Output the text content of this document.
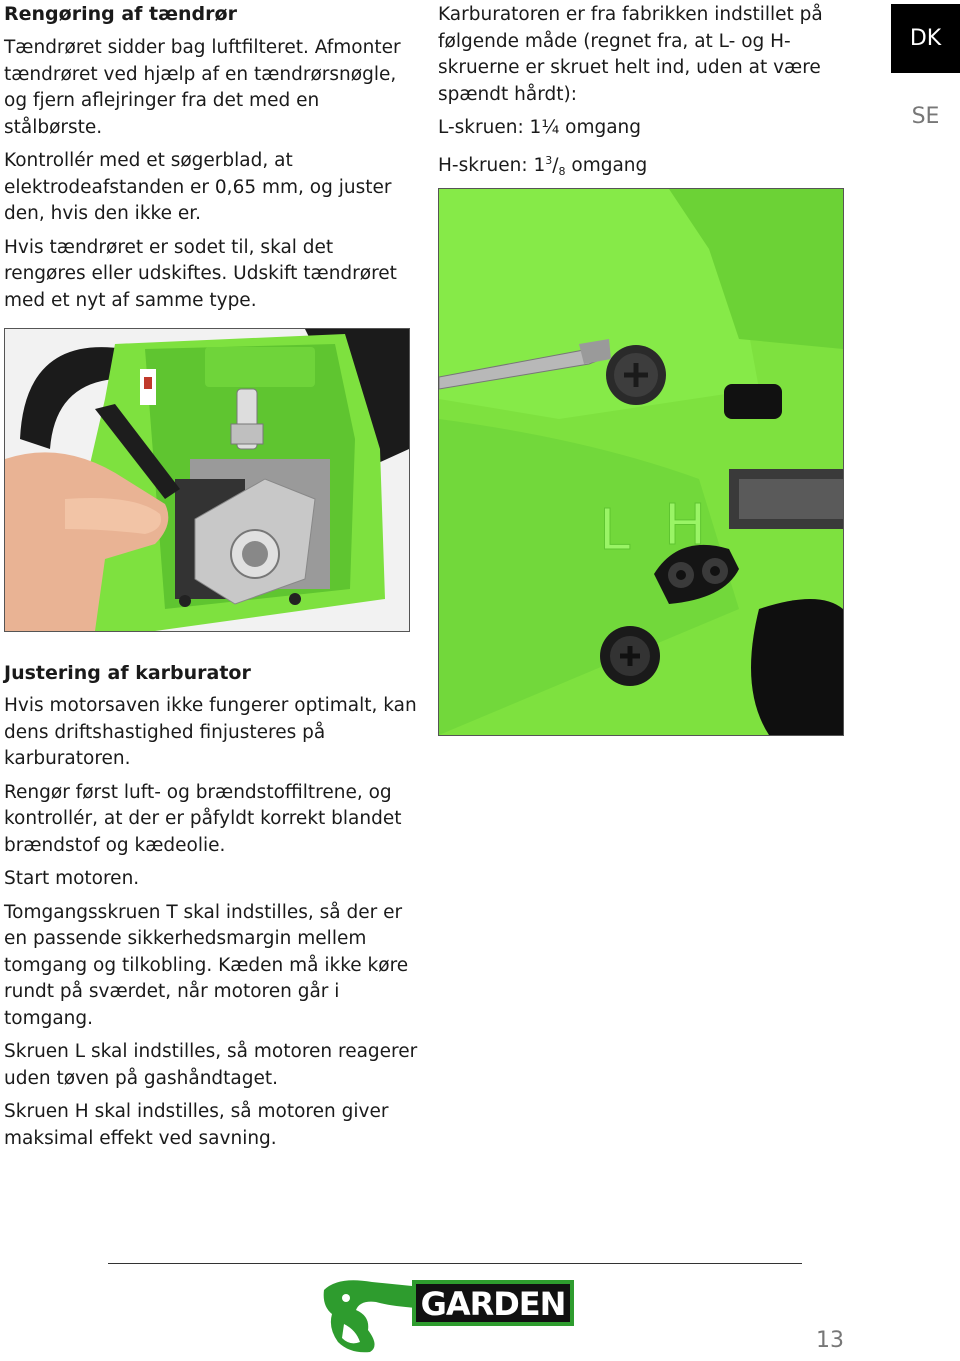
Rengøring af tændrør

Tændrøret sidder bag luftfilteret. Afmonter tændrøret ved hjælp af en tændrørsnøgle, og fjern aflejringer fra det med en stålbørste.

Kontrollér med et søgerblad, at elektrodeafstanden er 0,65 mm, og juster den, hvis den ikke er.

Hvis tændrøret er sodet til, skal det rengøres eller udskiftes. Udskift tændrøret med et nyt af samme type.

Karburatoren er fra fabrikken indstillet på følgende måde (regnet fra, at L- og H-skruerne er skruet helt ind, uden at være spændt hårdt):

L-skruen: 1¼ omgang

H-skruen: $1^3/_8$ omgang

DK
SE
L H
Justering af karburator

Hvis motorsaven ikke fungerer optimalt, kan dens driftshastighed finjusteres på karburatoren.

Rengør først luft- og brændstoffiltrene, og kontrollér, at der er påfyldt korrekt blandet brændstof og kædeolie.

Start motoren.

Tomgangsskruen T skal indstilles, så der er en passende sikkerhedsmargin mellem tomgang og tilkobling. Kæden må ikke køre rundt på sværdet, når motoren går i tomgang.

Skruen L skal indstilles, så motoren reagerer uden tøven på gashåndtaget.

Skruen H skal indstilles, så motoren giver maksimal effekt ved savning.

GARDEN
13
